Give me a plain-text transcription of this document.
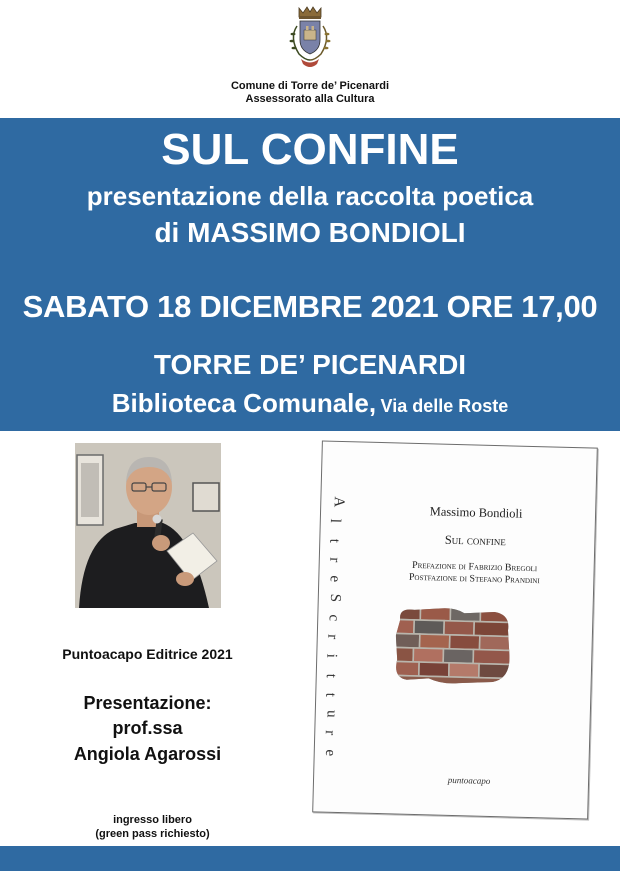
Comune di Torre de’ Picenardi
Assessorato alla Cultura
SUL CONFINE
presentazione della raccolta poetica
di MASSIMO BONDIOLI
SABATO 18 DICEMBRE 2021 ORE 17,00
TORRE DE’ PICENARDI
Biblioteca Comunale, Via delle Roste
Puntoacapo Editrice 2021
Presentazione:
prof.ssa
Angiola Agarossi
ingresso libero
(green pass richiesto)
A
l
t
r
e
S
c
r
i
t
t
u
r
e
Massimo Bondioli
Sul confine
Prefazione di Fabrizio Bregoli
Postfazione di Stefano Prandini
puntoacapo
